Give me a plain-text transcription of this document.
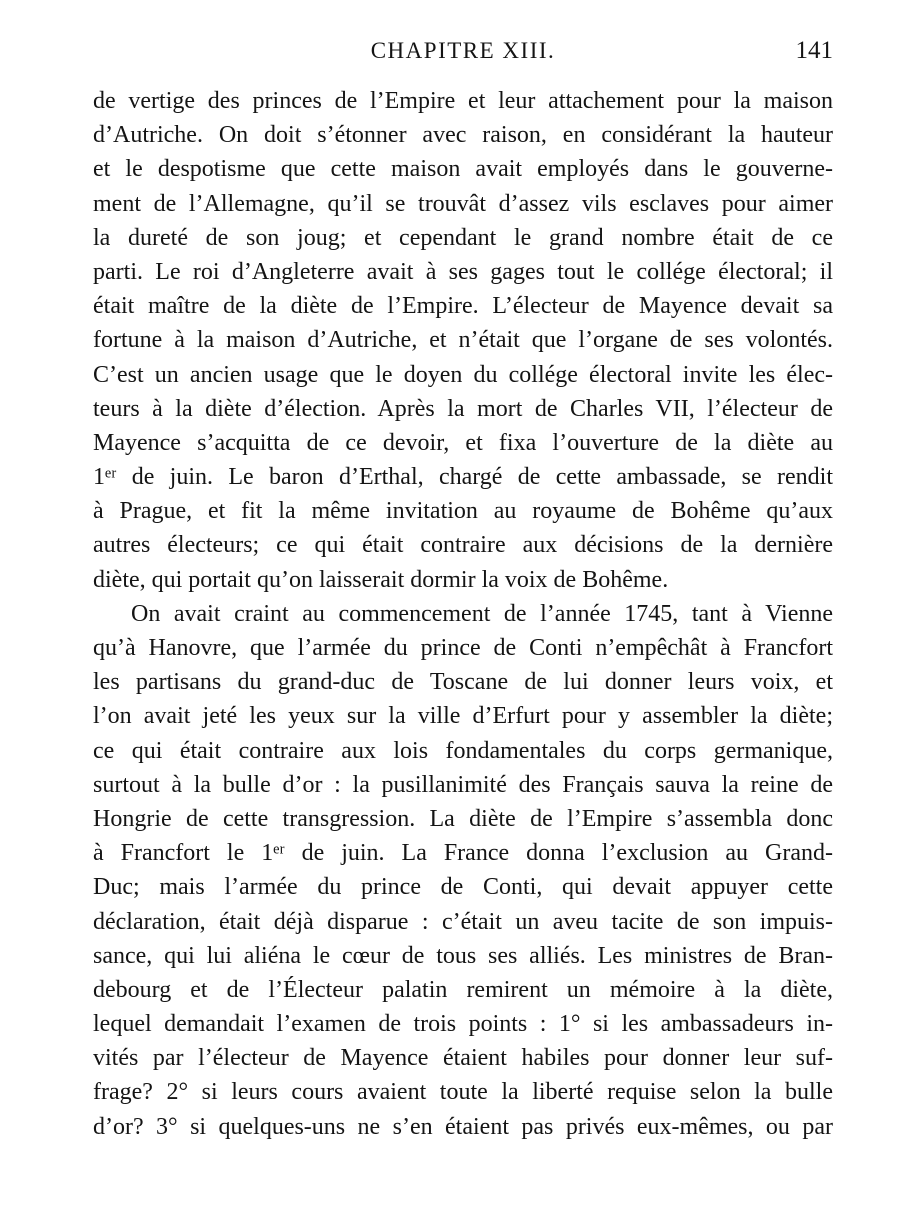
CHAPITRE XIII.	141
de vertige des princes de l’Empire et leur attachement pour la maison
d’Autriche. On doit s’étonner avec raison, en considérant la hauteur
et le despotisme que cette maison avait employés dans le gouverne-
ment de l’Allemagne, qu’il se trouvât d’assez vils esclaves pour aimer
la dureté de son joug; et cependant le grand nombre était de ce
parti. Le roi d’Angleterre avait à ses gages tout le collége électoral; il
était maître de la diète de l’Empire. L’électeur de Mayence devait sa
fortune à la maison d’Autriche, et n’était que l’organe de ses volontés.
C’est un ancien usage que le doyen du collége électoral invite les élec-
teurs à la diète d’élection. Après la mort de Charles VII, l’électeur de
Mayence s’acquitta de ce devoir, et fixa l’ouverture de la diète au
1ᵉʳ de juin. Le baron d’Erthal, chargé de cette ambassade, se rendit
à Prague, et fit la même invitation au royaume de Bohême qu’aux
autres électeurs; ce qui était contraire aux décisions de la dernière
diète, qui portait qu’on laisserait dormir la voix de Bohême.
On avait craint au commencement de l’année 1745, tant à Vienne
qu’à Hanovre, que l’armée du prince de Conti n’empêchât à Francfort
les partisans du grand-duc de Toscane de lui donner leurs voix, et
l’on avait jeté les yeux sur la ville d’Erfurt pour y assembler la diète;
ce qui était contraire aux lois fondamentales du corps germanique,
surtout à la bulle d’or : la pusillanimité des Français sauva la reine de
Hongrie de cette transgression. La diète de l’Empire s’assembla donc
à Francfort le 1ᵉʳ de juin. La France donna l’exclusion au Grand-
Duc; mais l’armée du prince de Conti, qui devait appuyer cette
déclaration, était déjà disparue : c’était un aveu tacite de son impuis-
sance, qui lui aliéna le cœur de tous ses alliés. Les ministres de Bran-
debourg et de l’Électeur palatin remirent un mémoire à la diète,
lequel demandait l’examen de trois points : 1° si les ambassadeurs in-
vités par l’électeur de Mayence étaient habiles pour donner leur suf-
frage? 2° si leurs cours avaient toute la liberté requise selon la bulle
d’or? 3° si quelques-uns ne s’en étaient pas privés eux-mêmes, ou par
